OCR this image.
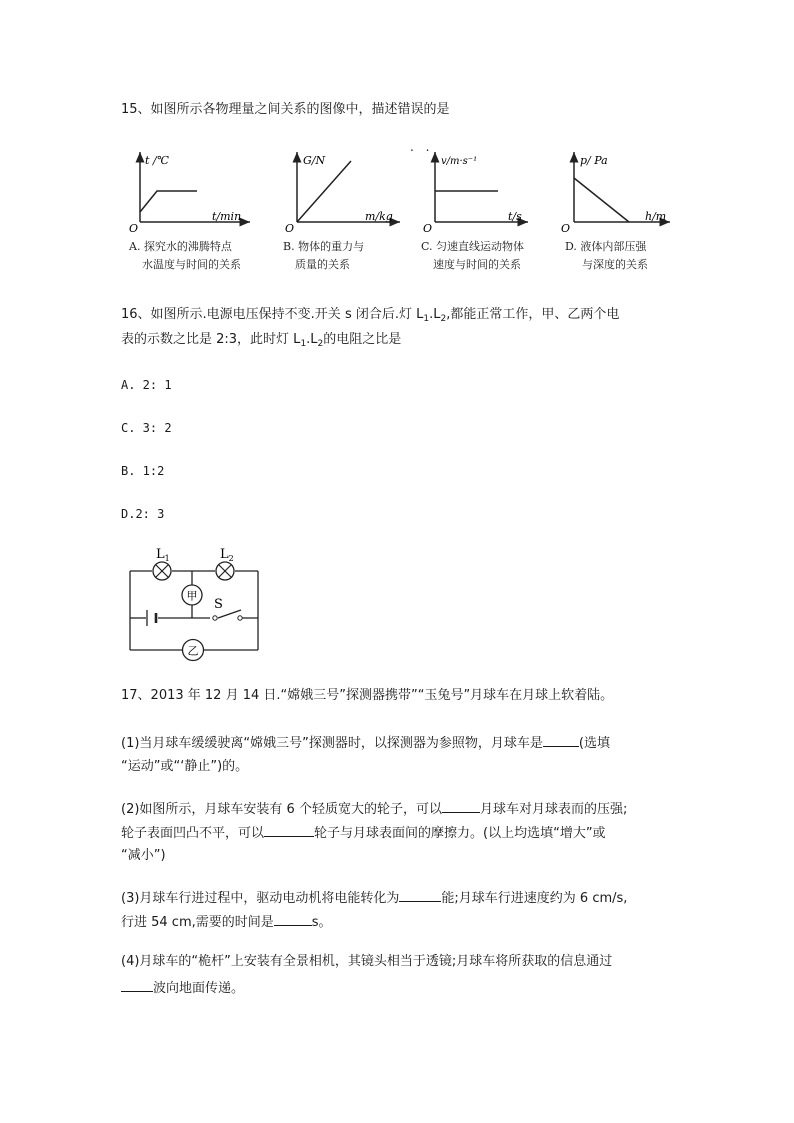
15、如图所示各物理量之间关系的图像中，描述错误的是
. .
t /℃
t/min
O
A. 探究水的沸腾特点
水温度与时间的关系
G/N
m/kg
O
B. 物体的重力与
质量的关系
v/m·s⁻¹
t/s
O
C. 匀速直线运动物体
速度与时间的关系
p/ Pa
h/m
O
D. 液体内部压强
与深度的关系
16、如图所示.电源电压保持不变.开关 s 闭合后.灯 $L_1.L_2$,都能正常工作，甲、乙两个电
表的示数之比是 2:3，此时灯 $L_1.L_2$的电阻之比是
A. 2: 1
C. 3: 2
B. 1:2
D.2: 3
甲
乙
$L_1$	$L_2$
S
17、2013 年 12 月 14 日.“嫦娥三号”探测器携带”“玉兔号”月球车在月球上软着陆。
(1)当月球车缓缓驶离“嫦娥三号”探测器时，以探测器为参照物，月球车是	(选填
“运动”或“‘静止”)的。
(2)如图所示，月球车安装有 6 个轻质宽大的轮子，可以	月球车对月球表而的压强;
轮子表面凹凸不平，可以	轮子与月球表面间的摩擦力。(以上均选填“增大”或
“减小”)
(3)月球车行进过程中，驱动电动机将电能转化为	能;月球车行进速度约为 6 cm/s,
行进 54 cm,需要的时间是	s。
(4)月球车的“桅杆”上安装有全景相机，其镜头相当于透镜;月球车将所获取的信息通过
波向地面传递。
